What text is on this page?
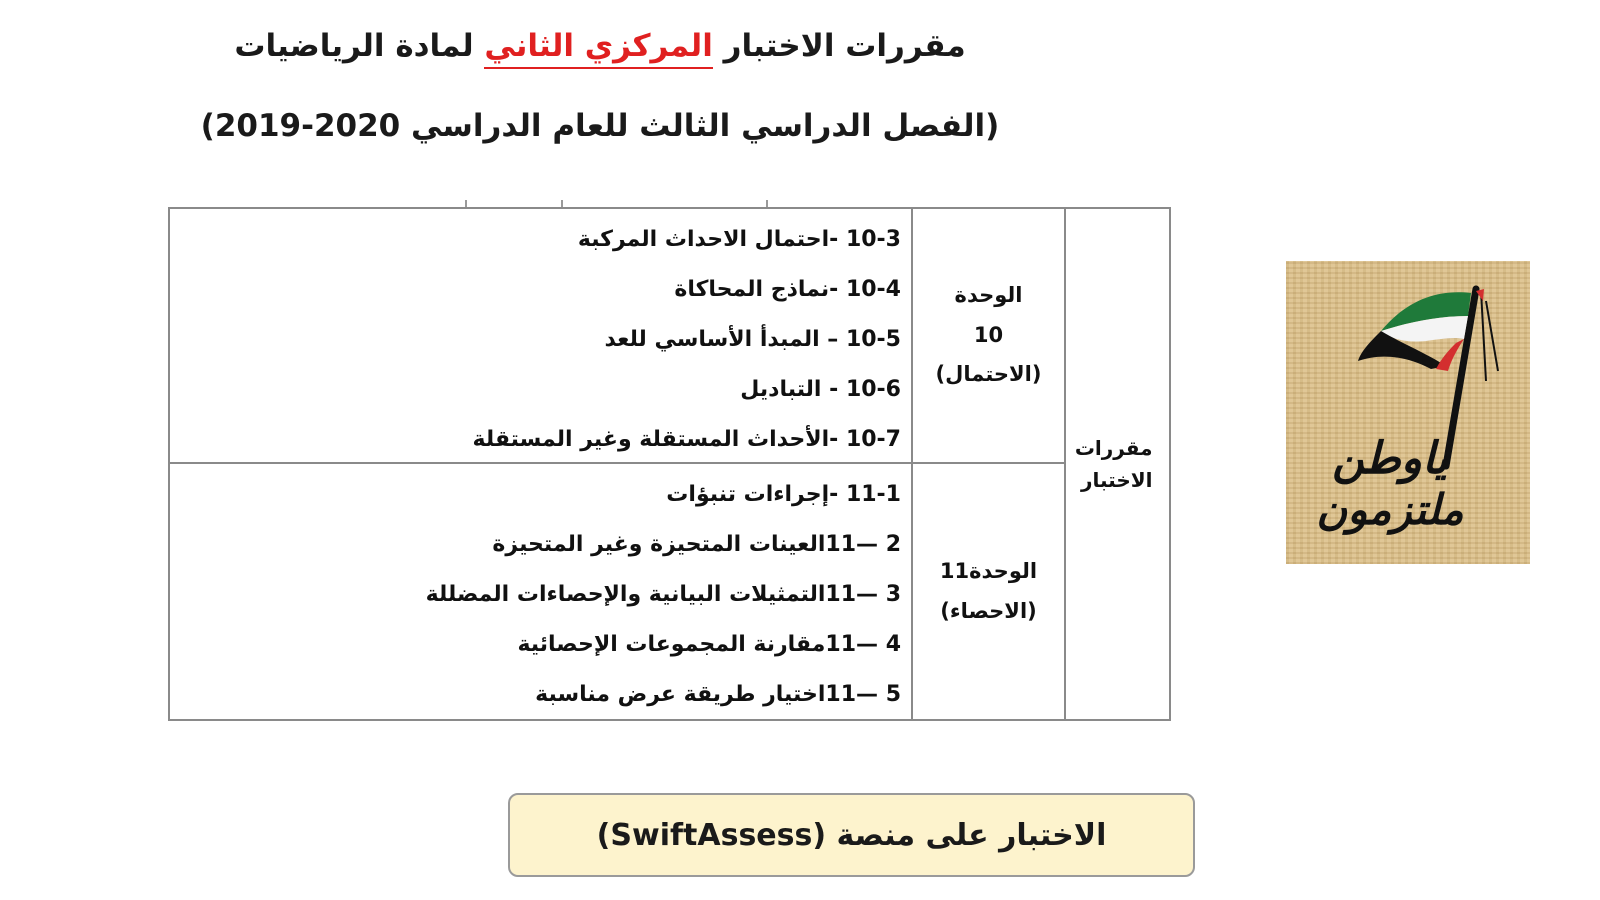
مقررات الاختبار المركزي الثاني لمادة الرياضيات
(الفصل الدراسي الثالث للعام الدراسي 2020-2019)
مقررات الاختبار
الوحدة
10
(الاحتمال)
10-3 -احتمال الاحداث المركبة
10-4 -نماذج المحاكاة
10-5 – المبدأ الأساسي للعد
10-6 - التباديل
10-7 -الأحداث المستقلة وغير المستقلة
الوحدة11
(الاحصاء)
11-1 -إجراءات تنبؤات
2 —11العينات المتحيزة وغير المتحيزة
3 —11التمثيلات البيانية والإحصاءات المضللة
4 —11مقارنة المجموعات الإحصائية
5 —11اختيار طريقة عرض مناسبة
الاختبار على منصة (SwiftAssess)
ياوطن
ملتزمون
